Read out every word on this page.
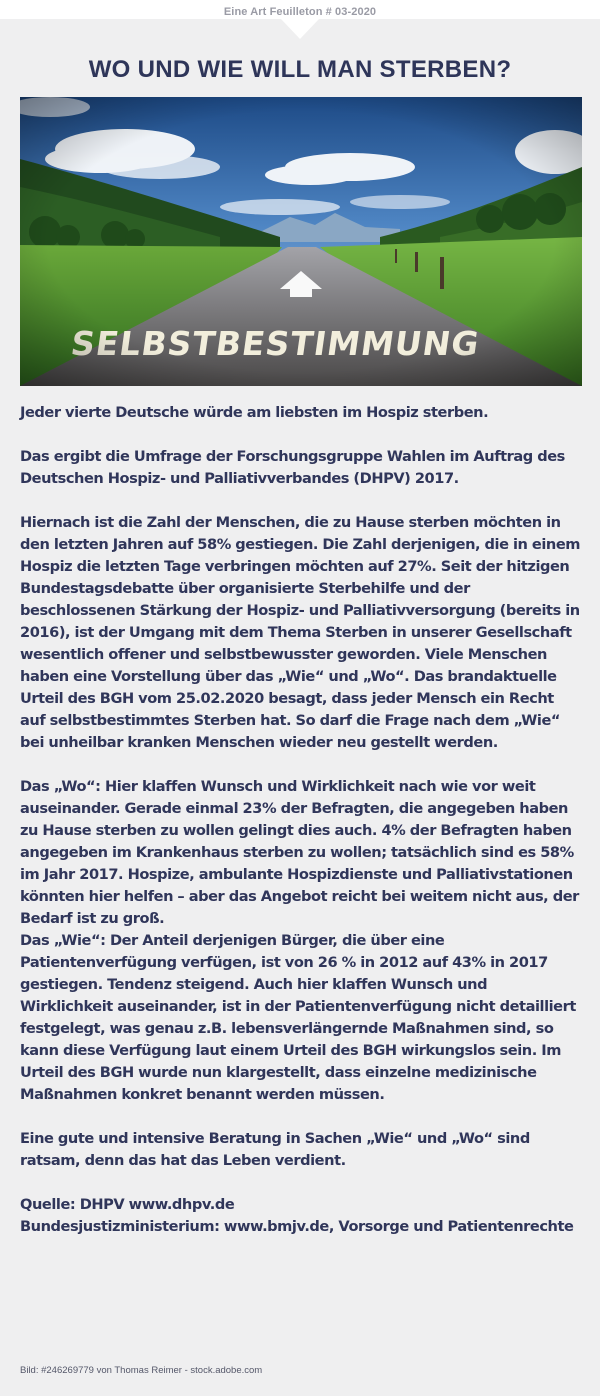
Eine Art Feuilleton # 03-2020
WO UND WIE WILL MAN STERBEN?

Jeder vierte Deutsche würde am liebsten im Hospiz sterben.

Das ergibt die Umfrage der Forschungsgruppe Wahlen im Auftrag des Deutschen Hospiz- und Palliativverbandes (DHPV) 2017.

Hiernach ist die Zahl der Menschen, die zu Hause sterben möchten in den letzten Jahren auf 58% gestiegen. Die Zahl derjenigen, die in einem Hospiz die letzten Tage verbringen möchten auf 27%. Seit der hitzigen Bundestagsdebatte über organisierte Sterbehilfe und der beschlossenen Stärkung der Hospiz- und Palliativversorgung (bereits in 2016), ist der Umgang mit dem Thema Sterben in unserer Gesellschaft wesentlich offener und selbstbewusster geworden. Viele Menschen haben eine Vorstellung über das „Wie“ und „Wo“. Das brandaktuelle Urteil des BGH vom 25.02.2020 besagt, dass jeder Mensch ein Recht auf selbstbestimmtes Sterben hat. So darf die Frage nach dem „Wie“ bei unheilbar kranken Menschen wieder neu gestellt werden.

Das „Wo“: Hier klaffen Wunsch und Wirklichkeit nach wie vor weit auseinander. Gerade einmal 23% der Befragten, die angegeben haben zu Hause sterben zu wollen gelingt dies auch. 4% der Befragten haben angegeben im Krankenhaus sterben zu wollen; tatsächlich sind es 58% im Jahr 2017. Hospize, ambulante Hospizdienste und Palliativstationen könnten hier helfen – aber das Angebot reicht bei weitem nicht aus, der Bedarf ist zu groß.

Das „Wie“: Der Anteil derjenigen Bürger, die über eine Patientenverfügung verfügen, ist von 26 % in 2012 auf 43% in 2017 gestiegen. Tendenz steigend. Auch hier klaffen Wunsch und Wirklichkeit auseinander, ist in der Patientenverfügung nicht detailliert festgelegt, was genau z.B. lebensverlängernde Maßnahmen sind, so kann diese Verfügung laut einem Urteil des BGH wirkungslos sein. Im Urteil des BGH wurde nun klargestellt, dass einzelne medizinische Maßnahmen konkret benannt werden müssen.

Eine gute und intensive Beratung in Sachen „Wie“ und „Wo“ sind ratsam, denn das hat das Leben verdient.

Quelle: DHPV www.dhpv.de
Bundesjustizministerium: www.bmjv.de, Vorsorge und Patientenrechte

Bild: #246269779 von Thomas Reimer - stock.adobe.com
